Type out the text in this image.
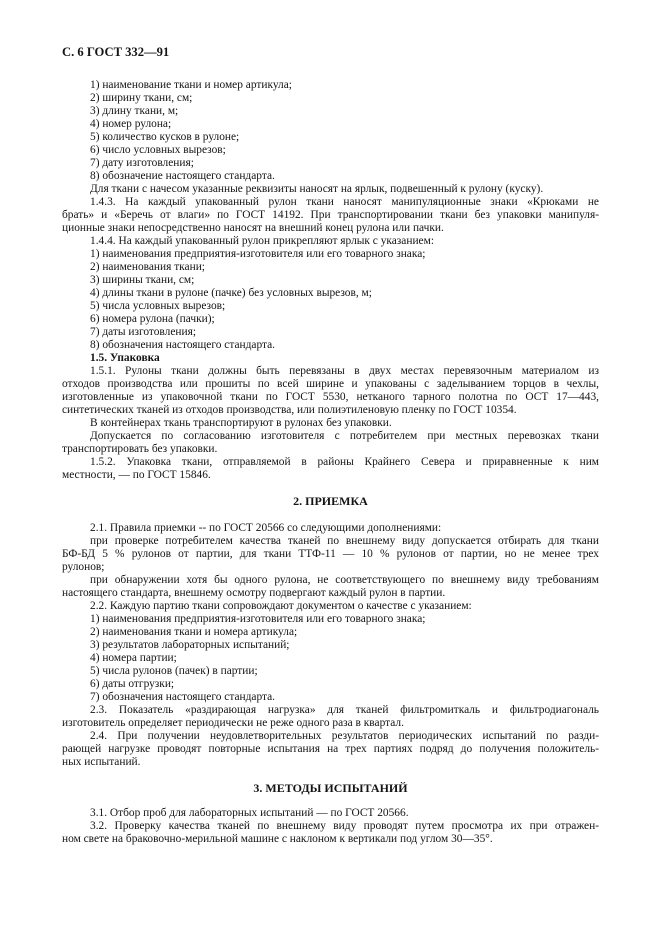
С. 6 ГОСТ 332—91
1) наименование ткани и номер артикула;
2) ширину ткани, см;
3) длину ткани, м;
4) номер рулона;
5) количество кусков в рулоне;
6) число условных вырезов;
7) дату изготовления;
8) обозначение настоящего стандарта.
Для ткани с начесом указанные реквизиты наносят на ярлык, подвешенный к рулону (куску).
1.4.3. На каждый упакованный рулон ткани наносят манипуляционные знаки «Крюками не
брать» и «Беречь от влаги» по ГОСТ 14192. При транспортировании ткани без упаковки манипуля-
ционные знаки непосредственно наносят на внешний конец рулона или пачки.
1.4.4. На каждый упакованный рулон прикрепляют ярлык с указанием:
1) наименования предприятия-изготовителя или его товарного знака;
2) наименования ткани;
3) ширины ткани, см;
4) длины ткани в рулоне (пачке) без условных вырезов, м;
5) числа условных вырезов;
6) номера рулона (пачки);
7) даты изготовления;
8) обозначения настоящего стандарта.
1.5. Упаковка
1.5.1. Рулоны ткани должны быть перевязаны в двух местах перевязочным материалом из
отходов производства или прошиты по всей ширине и упакованы с заделыванием торцов в чехлы,
изготовленные из упаковочной ткани по ГОСТ 5530, нетканого тарного полотна по ОСТ 17—443,
синтетических тканей из отходов производства, или полиэтиленовую пленку по ГОСТ 10354.
В контейнерах ткань транспортируют в рулонах без упаковки.
Допускается по согласованию изготовителя с потребителем при местных перевозках ткани
транспортировать без упаковки.
1.5.2. Упаковка ткани, отправляемой в районы Крайнего Севера и приравненные к ним
местности, — по ГОСТ 15846.
2. ПРИЕМКА
2.1. Правила приемки -- по ГОСТ 20566 со следующими дополнениями:
при проверке потребителем качества тканей по внешнему виду допускается отбирать для ткани
БФ-БД 5 % рулонов от партии, для ткани ТТФ-11 — 10 % рулонов от партии, но не менее трех
рулонов;
при обнаружении хотя бы одного рулона, не соответствующего по внешнему виду требованиям
настоящего стандарта, внешнему осмотру подвергают каждый рулон в партии.
2.2. Каждую партию ткани сопровождают документом о качестве с указанием:
1) наименования предприятия-изготовителя или его товарного знака;
2) наименования ткани и номера артикула;
3) результатов лабораторных испытаний;
4) номера партии;
5) числа рулонов (пачек) в партии;
6) даты отгрузки;
7) обозначения настоящего стандарта.
2.3. Показатель «раздирающая нагрузка» для тканей фильтромиткаль и фильтродиагональ
изготовитель определяет периодически не реже одного раза в квартал.
2.4. При получении неудовлетворительных результатов периодических испытаний по разди-
рающей нагрузке проводят повторные испытания на трех партиях подряд до получения положитель-
ных испытаний.
3. МЕТОДЫ ИСПЫТАНИЙ
3.1. Отбор проб для лабораторных испытаний — по ГОСТ 20566.
3.2. Проверку качества тканей по внешнему виду проводят путем просмотра их при отражен-
ном свете на браковочно-мерильной машине с наклоном к вертикали под углом 30—35°.
